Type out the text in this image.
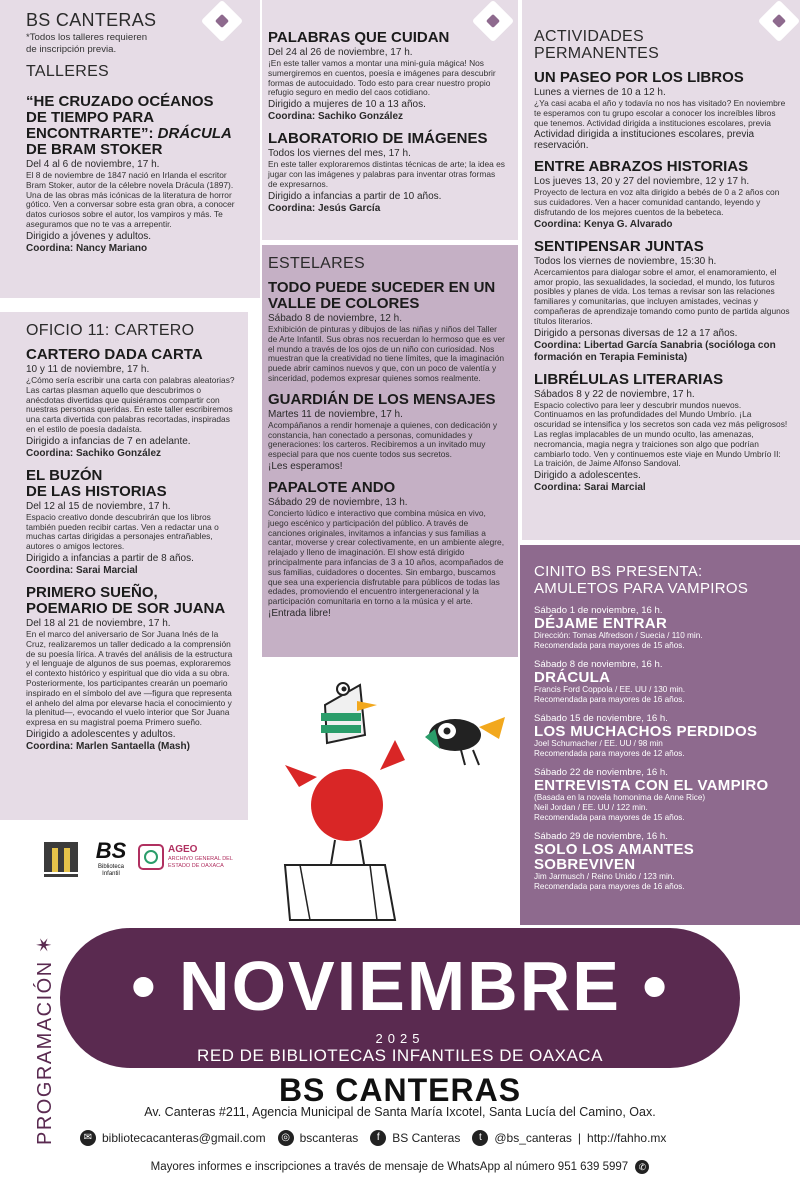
BS CANTERAS
*Todos los talleres requieren
de inscripción previa.
TALLERES
“HE CRUZADO OCÉANOS
DE TIEMPO PARA
ENCONTRARTE”: DRÁCULA
DE BRAM STOKER
Del 4 al 6 de noviembre, 17 h.
El 8 de noviembre de 1847 nació en Irlanda el escritor Bram Stoker, autor de la célebre novela Drácula (1897). Una de las obras más icónicas de la literatura de horror gótico. Ven a conversar sobre esta gran obra, a conocer datos curiosos sobre el autor, los vampiros y más. Te aseguramos que no te vas a arrepentir.
Dirigido a jóvenes y adultos.
Coordina: Nancy Mariano
OFICIO 11: CARTERO
CARTERO DADA CARTA
10 y 11 de noviembre, 17 h.
¿Cómo sería escribir una carta con palabras aleatorias? Las cartas plasman aquello que descubrimos o anécdotas divertidas que quisiéramos compartir con nuestras personas queridas. En este taller escribiremos una carta divertida con palabras recortadas, inspiradas en el estilo de poesía dadaísta.
Dirigido a infancias de 7 en adelante.
Coordina: Sachiko González
EL BUZÓN
DE LAS HISTORIAS
Del 12 al 15 de noviembre, 17 h.
Espacio creativo donde descubrirán que los libros también pueden recibir cartas. Ven a redactar una o muchas cartas dirigidas a personajes entrañables, autores o amigos lectores.
Dirigido a infancias a partir de 8 años.
Coordina: Sarai Marcial
PRIMERO SUEÑO,
POEMARIO DE SOR JUANA
Del 18 al 21 de noviembre, 17 h.
En el marco del aniversario de Sor Juana Inés de la Cruz, realizaremos un taller dedicado a la comprensión de su poesía lírica. A través del análisis de la estructura y el lenguaje de algunos de sus poemas, exploraremos el contexto histórico y espiritual que dio vida a su obra. Posteriormente, los participantes crearán un poemario inspirado en el símbolo del ave —figura que representa el anhelo del alma por elevarse hacia el conocimiento y la plenitud—, evocando el vuelo interior que Sor Juana expresa en su magistral poema Primero sueño.
Dirigido a adolescentes y adultos.
Coordina: Marlen Santaella (Mash)
PALABRAS QUE CUIDAN
Del 24 al 26 de noviembre, 17 h.
¡En este taller vamos a montar una mini-guía mágica! Nos sumergiremos en cuentos, poesía e imágenes para descubrir formas de autocuidado. Todo esto para crear nuestro propio refugio seguro en medio del caos cotidiano.
Dirigido a mujeres de 10 a 13 años.
Coordina: Sachiko González
LABORATORIO DE IMÁGENES
Todos los viernes del mes, 17 h.
En este taller exploraremos distintas técnicas de arte; la idea es jugar con las imágenes y palabras para inventar otras formas de expresarnos.
Dirigido a infancias a partir de 10 años.
Coordina: Jesús García
ESTELARES
TODO PUEDE SUCEDER EN UN
VALLE DE COLORES
Sábado 8 de noviembre, 12 h.
Exhibición de pinturas y dibujos de las niñas y niños del Taller de Arte Infantil. Sus obras nos recuerdan lo hermoso que es ver el mundo a través de los ojos de un niño con curiosidad. Nos muestran que la creatividad no tiene límites, que la imaginación puede abrir caminos nuevos y que, con un poco de valentía y sinceridad, podemos expresar quienes somos realmente.
GUARDIÁN DE LOS MENSAJES
Martes 11 de noviembre, 17 h.
Acompáñanos a rendir homenaje a quienes, con dedicación y constancia, han conectado a personas, comunidades y generaciones: los carteros. Recibiremos a un invitado muy especial para que nos cuente todos sus secretos.
¡Les esperamos!
PAPALOTE ANDO
Sábado 29 de noviembre, 13 h.
Concierto lúdico e interactivo que combina música en vivo, juego escénico y participación del público. A través de canciones originales, invitamos a infancias y sus familias a cantar, moverse y crear colectivamente, en un ambiente alegre, relajado y lleno de imaginación. El show está dirigido principalmente para infancias de 3 a 10 años, acompañados de sus familias, cuidadores o docentes. Sin embargo, buscamos que sea una experiencia disfrutable para públicos de todas las edades, promoviendo el encuentro intergeneracional y la participación comunitaria en torno a la música y el arte.
¡Entrada libre!
ACTIVIDADES
PERMANENTES
UN PASEO POR LOS LIBROS
Lunes a viernes de 10 a 12 h.
¿Ya casi acaba el año y todavía no nos has visitado? En noviembre te esperamos con tu grupo escolar a conocer los increíbles libros que tenemos. Actividad dirigida a instituciones escolares, previa
Actividad dirigida a instituciones escolares, previa reservación.
ENTRE ABRAZOS HISTORIAS
Los jueves 13, 20 y 27 del noviembre, 12 y 17 h.
Proyecto de lectura en voz alta dirigido a bebés de 0 a 2 años con sus cuidadores. Ven a hacer comunidad cantando, leyendo y disfrutando de los mejores cuentos de la bebeteca.
Coordina: Kenya G. Alvarado
SENTIPENSAR JUNTAS
Todos los viernes de noviembre, 15:30 h.
Acercamientos para dialogar sobre el amor, el enamoramiento, el amor propio, las sexualidades, la sociedad, el mundo, los futuros posibles y planes de vida. Los temas a revisar son las relaciones familiares y comunitarias, que incluyen amistades, vecinas y compañeras de aprendizaje tomando como punto de partida algunos títulos literarios.
Dirigido a personas diversas de 12 a 17 años.
Coordina: Libertad García Sanabria (socióloga con formación en Terapia Feminista)
LIBRÉLULAS LITERARIAS
Sábados 8 y 22 de noviembre, 17 h.
Espacio colectivo para leer y descubrir mundos nuevos. Continuamos en las profundidades del Mundo Umbrío. ¡La oscuridad se intensifica y los secretos son cada vez más peligrosos! Las reglas implacables de un mundo oculto, las amenazas, necromancia, magia negra y traiciones son algo que podrían cambiarlo todo. Ven y continuemos este viaje en Mundo Umbrío II: La traición, de Jaime Alfonso Sandoval.
Dirigido a adolescentes.
Coordina: Sarai Marcial
CINITO BS PRESENTA:
AMULETOS PARA VAMPIROS
Sábado 1 de noviembre, 16 h.
DÉJAME ENTRAR
Dirección: Tomas Alfredson / Suecia / 110 min.
Recomendada para mayores de 15 años.
Sábado 8 de noviembre, 16 h.
DRÁCULA
Francis Ford Coppola / EE. UU / 130 min.
Recomendada para mayores de 16 años.
Sábado 15 de noviembre, 16 h.
LOS MUCHACHOS PERDIDOS
Joel Schumacher / EE. UU / 98 min
Recomendada para mayores de 12 años.
Sábado 22 de noviembre, 16 h.
ENTREVISTA CON EL VAMPIRO
(Basada en la novela homonima de Anne Rice)
Neil Jordan / EE. UU / 122 min.
Recomendada para mayores de 15 años.
Sábado 29 de noviembre, 16 h.
SOLO LOS AMANTES
SOBREVIVEN
Jim Jarmusch / Reino Unido / 123 min.
Recomendada para mayores de 16 años.
BS
Biblioteca Infantil
AGEO
ARCHIVO GENERAL DEL ESTADO DE OAXACA
• NOVIEMBRE •
2025
RED DE BIBLIOTECAS INFANTILES DE OAXACA
PROGRAMACIÓN ✶	BS CANTERAS
Av. Canteras #211, Agencia Municipal de Santa María Ixcotel, Santa Lucía del Camino, Oax.
✉ bibliotecacanteras@gmail.com	◎ bscanteras	f	BS Canteras	t	@bs_canteras | http://fahho.mx
Mayores informes e inscripciones a través de mensaje de WhatsApp al número 951 639 5997 ✆
